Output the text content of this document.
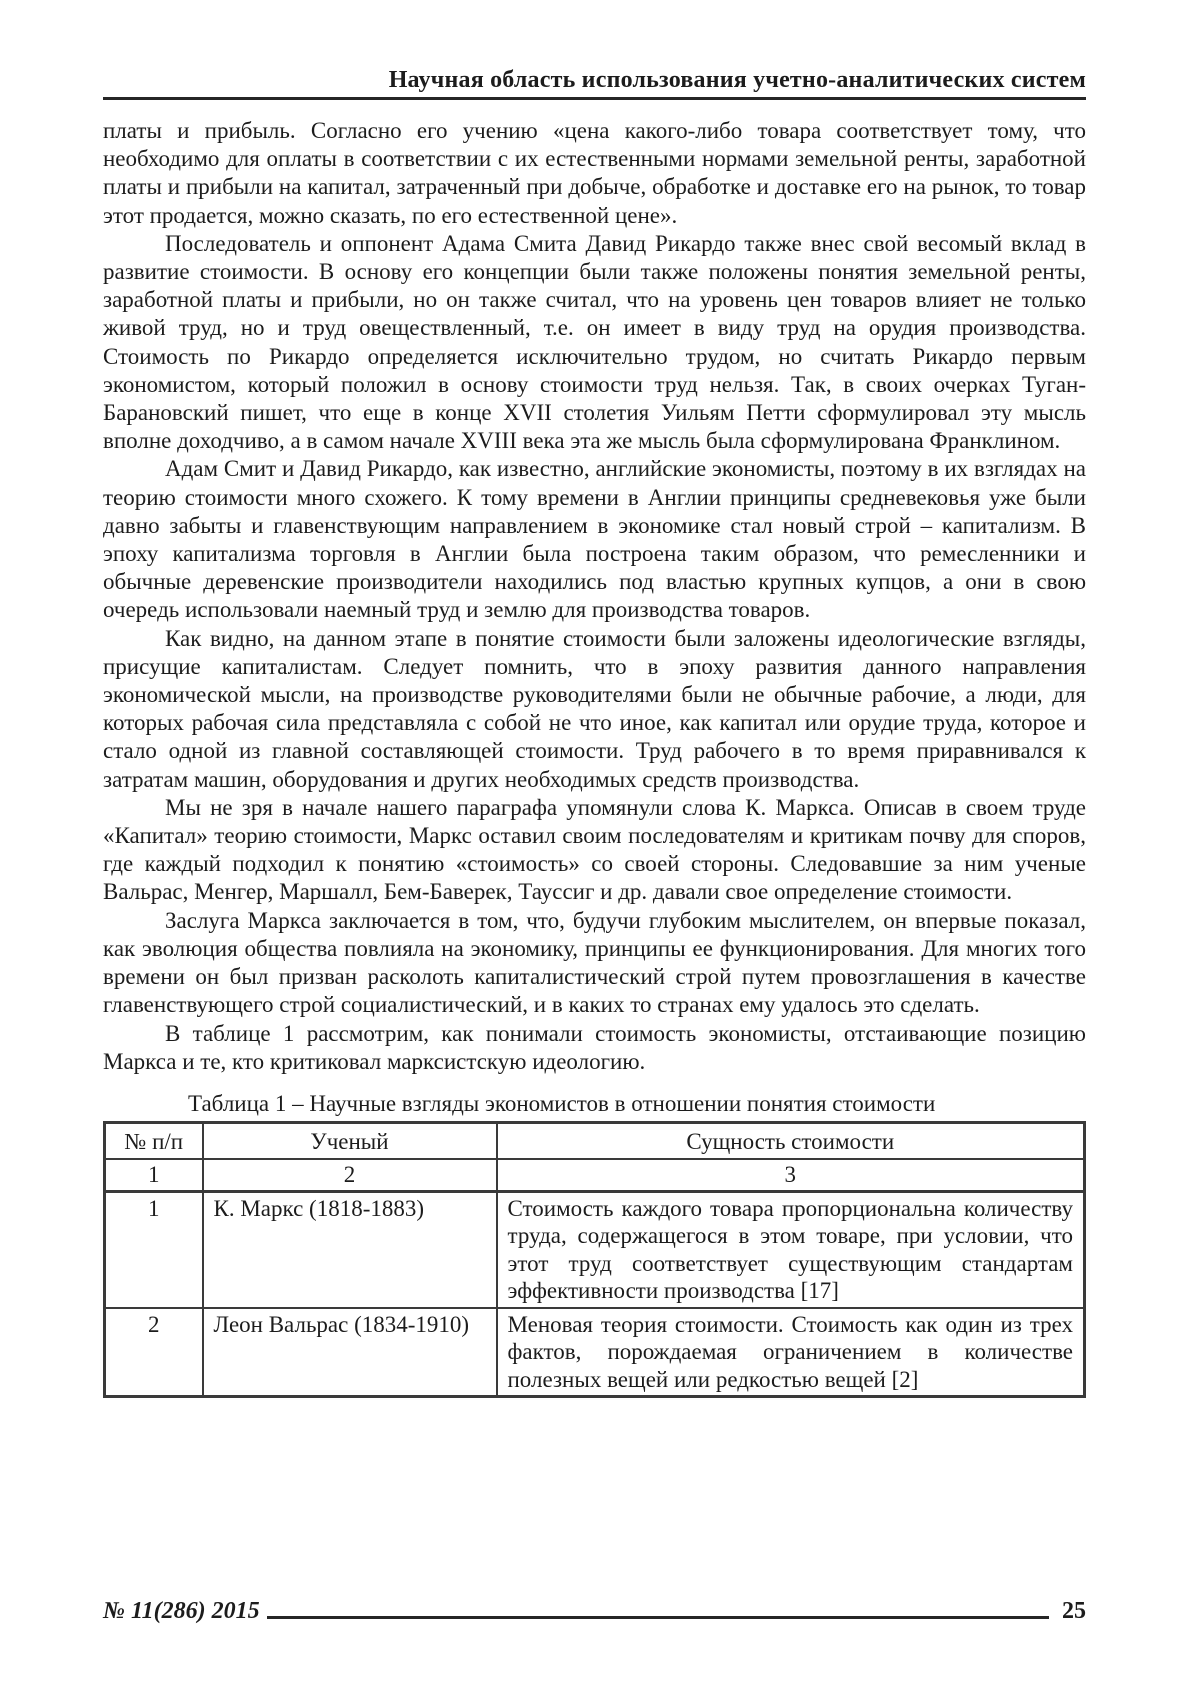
Научная область использования учетно-аналитических систем

платы и прибыль. Согласно его учению «цена какого-либо товара соответствует тому, что необходимо для оплаты в соответствии с их естественными нормами земельной ренты, заработной платы и прибыли на капитал, затраченный при добыче, обработке и доставке его на рынок, то товар этот продается, можно сказать, по его естественной цене».

Последователь и оппонент Адама Смита Давид Рикардо также внес свой весомый вклад в развитие стоимости. В основу его концепции были также положены понятия земельной ренты, заработной платы и прибыли, но он также считал, что на уровень цен товаров влияет не только живой труд, но и труд овеществленный, т.е. он имеет в виду труд на орудия производства. Стоимость по Рикардо определяется исключительно трудом, но считать Рикардо первым экономистом, который положил в основу стоимости труд нельзя. Так, в своих очерках Туган-Барановский пишет, что еще в конце XVII столетия Уильям Петти сформулировал эту мысль вполне доходчиво, а в самом начале XVIII века эта же мысль была сформулирована Франклином.

Адам Смит и Давид Рикардо, как известно, английские экономисты, поэтому в их взглядах на теорию стоимости много схожего. К тому времени в Англии принципы средневековья уже были давно забыты и главенствующим направлением в экономике стал новый строй – капитализм. В эпоху капитализма торговля в Англии была построена таким образом, что ремесленники и обычные деревенские производители находились под властью крупных купцов, а они в свою очередь использовали наемный труд и землю для производства товаров.

Как видно, на данном этапе в понятие стоимости были заложены идеологические взгляды, присущие капиталистам. Следует помнить, что в эпоху развития данного направления экономической мысли, на производстве руководителями были не обычные рабочие, а люди, для которых рабочая сила представляла с собой не что иное, как капитал или орудие труда, которое и стало одной из главной составляющей стоимости. Труд рабочего в то время приравнивался к затратам машин, оборудования и других необходимых средств производства.

Мы не зря в начале нашего параграфа упомянули слова К. Маркса. Описав в своем труде «Капитал» теорию стоимости, Маркс оставил своим последователям и критикам почву для споров, где каждый подходил к понятию «стоимость» со своей стороны. Следовавшие за ним ученые Вальрас, Менгер, Маршалл, Бем-Баверек, Тауссиг и др. давали свое определение стоимости.

Заслуга Маркса заключается в том, что, будучи глубоким мыслителем, он впервые показал, как эволюция общества повлияла на экономику, принципы ее функционирования. Для многих того времени он был призван расколоть капиталистический строй путем провозглашения в качестве главенствующего строй социалистический, и в каких то странах ему удалось это сделать.

В таблице 1 рассмотрим, как понимали стоимость экономисты, отстаивающие позицию Маркса и те, кто критиковал марксистскую идеологию.

Таблица 1 – Научные взгляды экономистов в отношении понятия стоимости
№ п/п	Ученый	Сущность стоимости
1	2	3
1	К. Маркс (1818-1883)	Стоимость каждого товара пропорциональна количеству труда, содержащегося в этом товаре, при условии, что этот труд соответствует существующим стандартам эффективности производства [17]
2	Леон Вальрас (1834-1910)	Меновая теория стоимости. Стоимость как один из трех фактов, порождаемая ограничением в количестве полезных вещей или редкостью вещей [2]
№ 11(286) 2015	25
